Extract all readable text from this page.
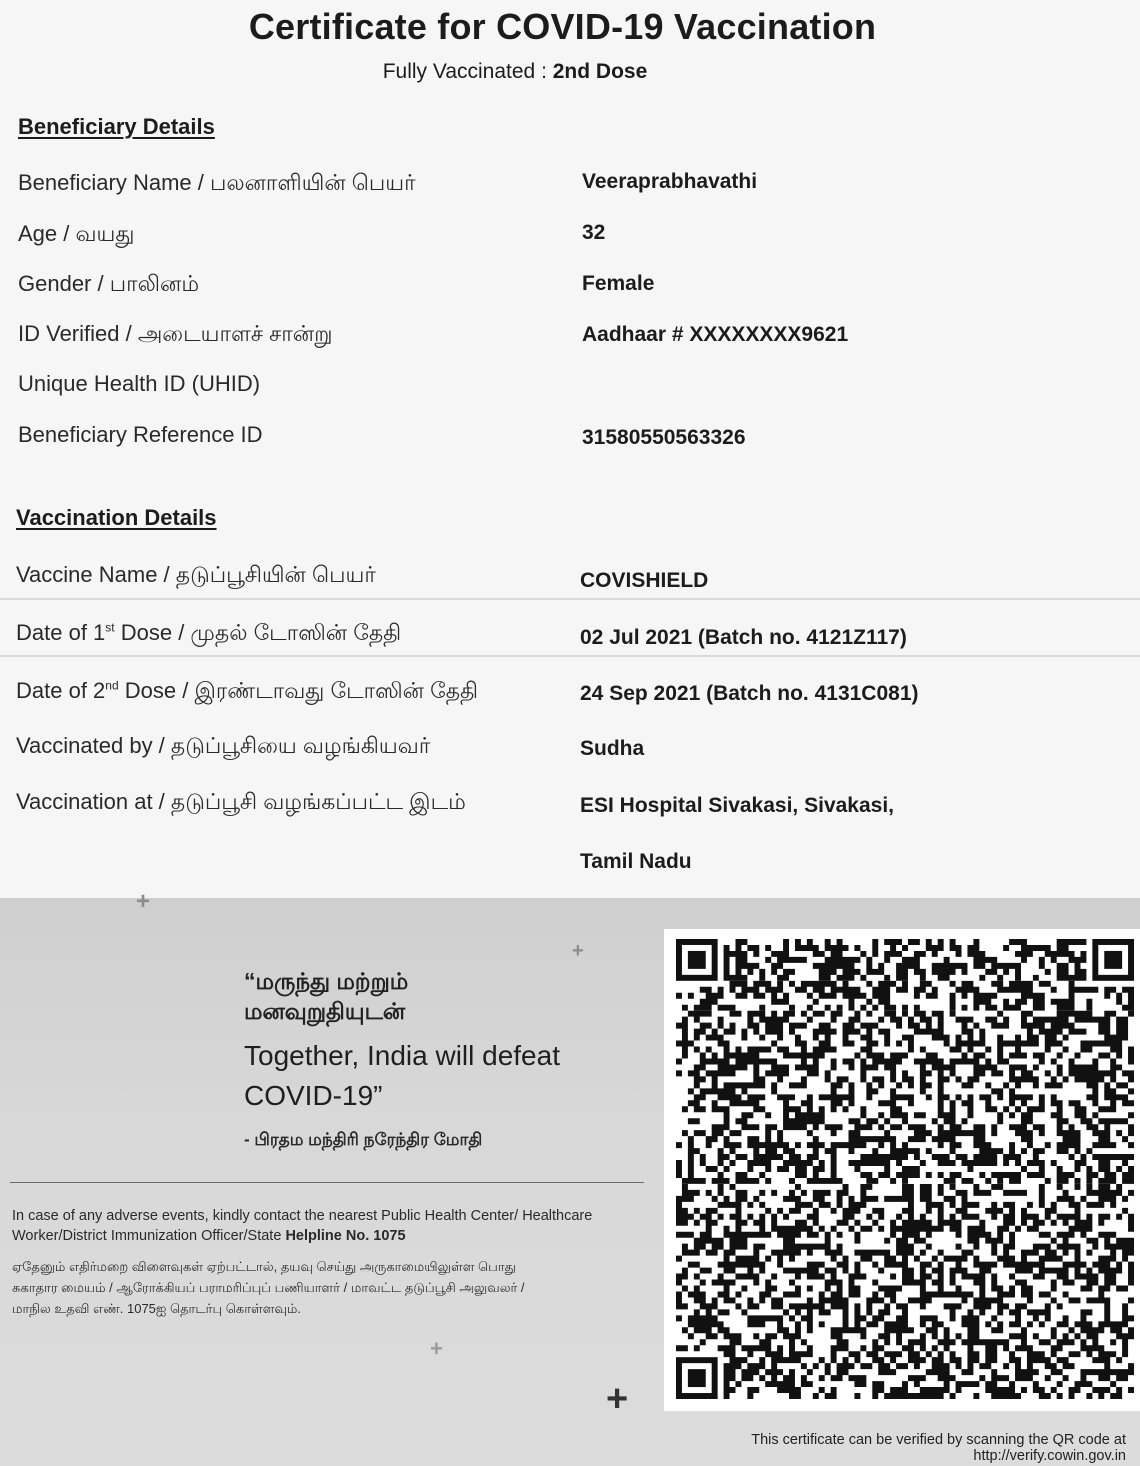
Certificate for COVID-19 Vaccination
Fully Vaccinated : 2nd Dose
Beneficiary Details
Beneficiary Name / பலனாளியின் பெயர்	Veeraprabhavathi
Age / வயது	32
Gender / பாலினம்	Female
ID Verified / அடையாளச் சான்று	Aadhaar # XXXXXXXX9621
Unique Health ID (UHID)
Beneficiary Reference ID	31580550563326
Vaccination Details
Vaccine Name / தடுப்பூசியின் பெயர்	COVISHIELD
Date of 1st Dose / முதல் டோஸின் தேதி	02 Jul 2021 (Batch no. 4121Z117)
Date of 2nd Dose / இரண்டாவது டோஸின் தேதி	24 Sep 2021 (Batch no. 4131C081)
Vaccinated by / தடுப்பூசியை வழங்கியவர்	Sudha
Vaccination at / தடுப்பூசி வழங்கப்பட்ட இடம்	ESI Hospital Sivakasi, Sivakasi,
Tamil Nadu
+
+
+
+
“மருந்து மற்றும்
மனவுறுதியுடன்
Together, India will defeat
COVID-19”
- பிரதம மந்திரி நரேந்திர மோதி
In case of any adverse events, kindly contact the nearest Public Health Center/ Healthcare Worker/District Immunization Officer/State Helpline No. 1075
ஏதேனும் எதிர்மறை விளைவுகள் ஏற்பட்டால், தயவு செய்து அருகாமையிலுள்ள பொது
சுகாதார மையம் / ஆரோக்கியப் பராமரிப்புப் பணியாளர் / மாவட்ட தடுப்பூசி அலுவலர் /
மாநில உதவி எண். 1075ஐ தொடர்பு கொள்ளவும்.
This certificate can be verified by scanning the QR code at
http://verify.cowin.gov.in
